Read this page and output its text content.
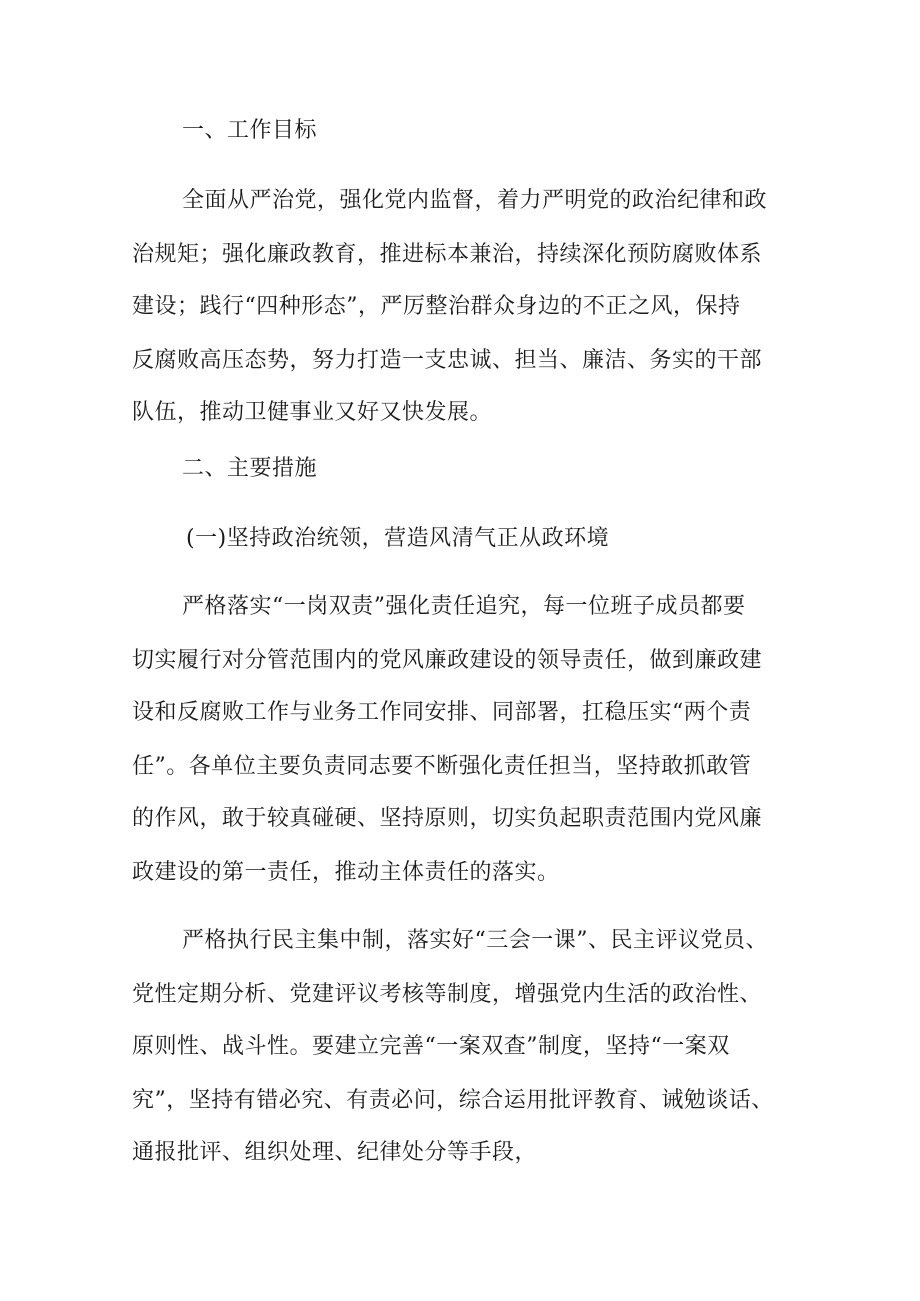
一、工作目标

全面从严治党，强化党内监督，着力严明党的政治纪律和政

治规矩；强化廉政教育，推进标本兼治，持续深化预防腐败体系

建设；践行“四种形态”，严厉整治群众身边的不正之风，保持

反腐败高压态势，努力打造一支忠诚、担当、廉洁、务实的干部

队伍，推动卫健事业又好又快发展。

二、主要措施

(一)坚持政治统领，营造风清气正从政环境

严格落实“一岗双责”强化责任追究，每一位班子成员都要

切实履行对分管范围内的党风廉政建设的领导责任，做到廉政建

设和反腐败工作与业务工作同安排、同部署，扛稳压实“两个责

任”。各单位主要负责同志要不断强化责任担当，坚持敢抓敢管

的作风，敢于较真碰硬、坚持原则，切实负起职责范围内党风廉

政建设的第一责任，推动主体责任的落实。

严格执行民主集中制，落实好“三会一课”、民主评议党员、

党性定期分析、党建评议考核等制度，增强党内生活的政治性、

原则性、战斗性。要建立完善“一案双查”制度，坚持“一案双

究”，坚持有错必究、有责必问，综合运用批评教育、诫勉谈话、

通报批评、组织处理、纪律处分等手段，
